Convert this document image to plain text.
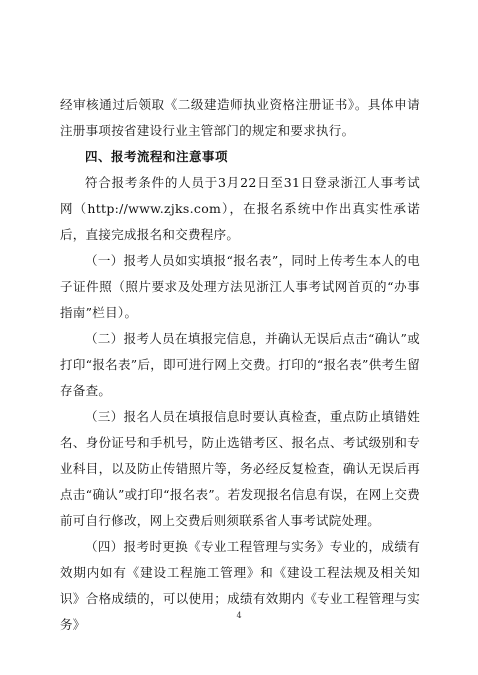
经审核通过后领取《二级建造师执业资格注册证书》。具体申请注册事项按省建设行业主管部门的规定和要求执行。

四、报考流程和注意事项

符合报考条件的人员于3月22日至31日登录浙江人事考试网（http://www.zjks.com），在报名系统中作出真实性承诺后，直接完成报名和交费程序。

（一）报考人员如实填报“报名表”，同时上传考生本人的电子证件照（照片要求及处理方法见浙江人事考试网首页的“办事指南”栏目）。

（二）报考人员在填报完信息，并确认无误后点击“确认”或打印“报名表”后，即可进行网上交费。打印的“报名表”供考生留存备查。

（三）报名人员在填报信息时要认真检查，重点防止填错姓名、身份证号和手机号，防止选错考区、报名点、考试级别和专业科目，以及防止传错照片等，务必经反复检查，确认无误后再点击“确认”或打印“报名表”。若发现报名信息有误，在网上交费前可自行修改，网上交费后则须联系省人事考试院处理。

（四）报考时更换《专业工程管理与实务》专业的，成绩有效期内如有《建设工程施工管理》和《建设工程法规及相关知识》合格成绩的，可以使用；成绩有效期内《专业工程管理与实务》

4
